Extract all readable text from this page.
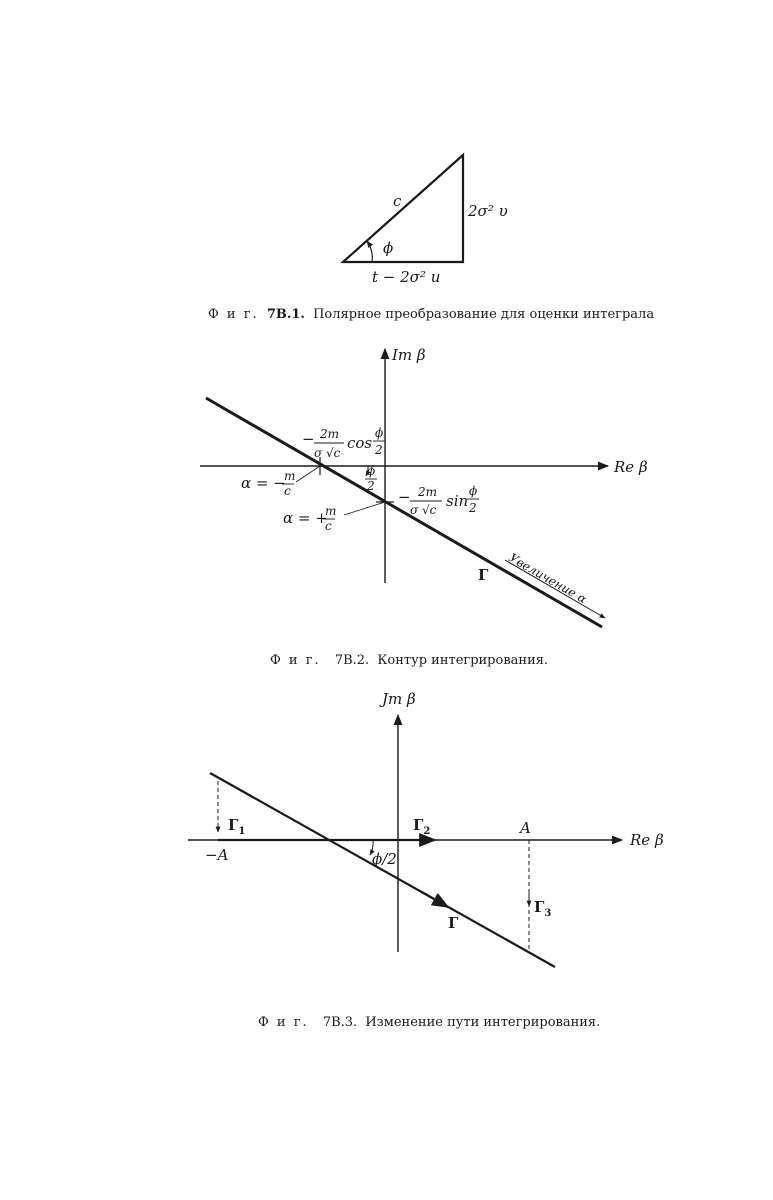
c
2σ² υ
t − 2σ² u
ϕ
Ф и г. 7В.1. Полярное преобразование для оценки интеграла
Im β
Re β
− 2m
σ √c
cos
ϕ
2
ϕ
2
α = −
m
c	− 2m
σ √c sin
ϕ
2
α = +
m
c
Г Увеличение α
Ф и г. 7В.2. Контур интегрирования.
Jm β
Re β
−A
A
$Г_1$	$Г_2$
$Г_3$
Г
ϕ/2
Ф и г. 7В.3. Изменение пути интегрирования.
